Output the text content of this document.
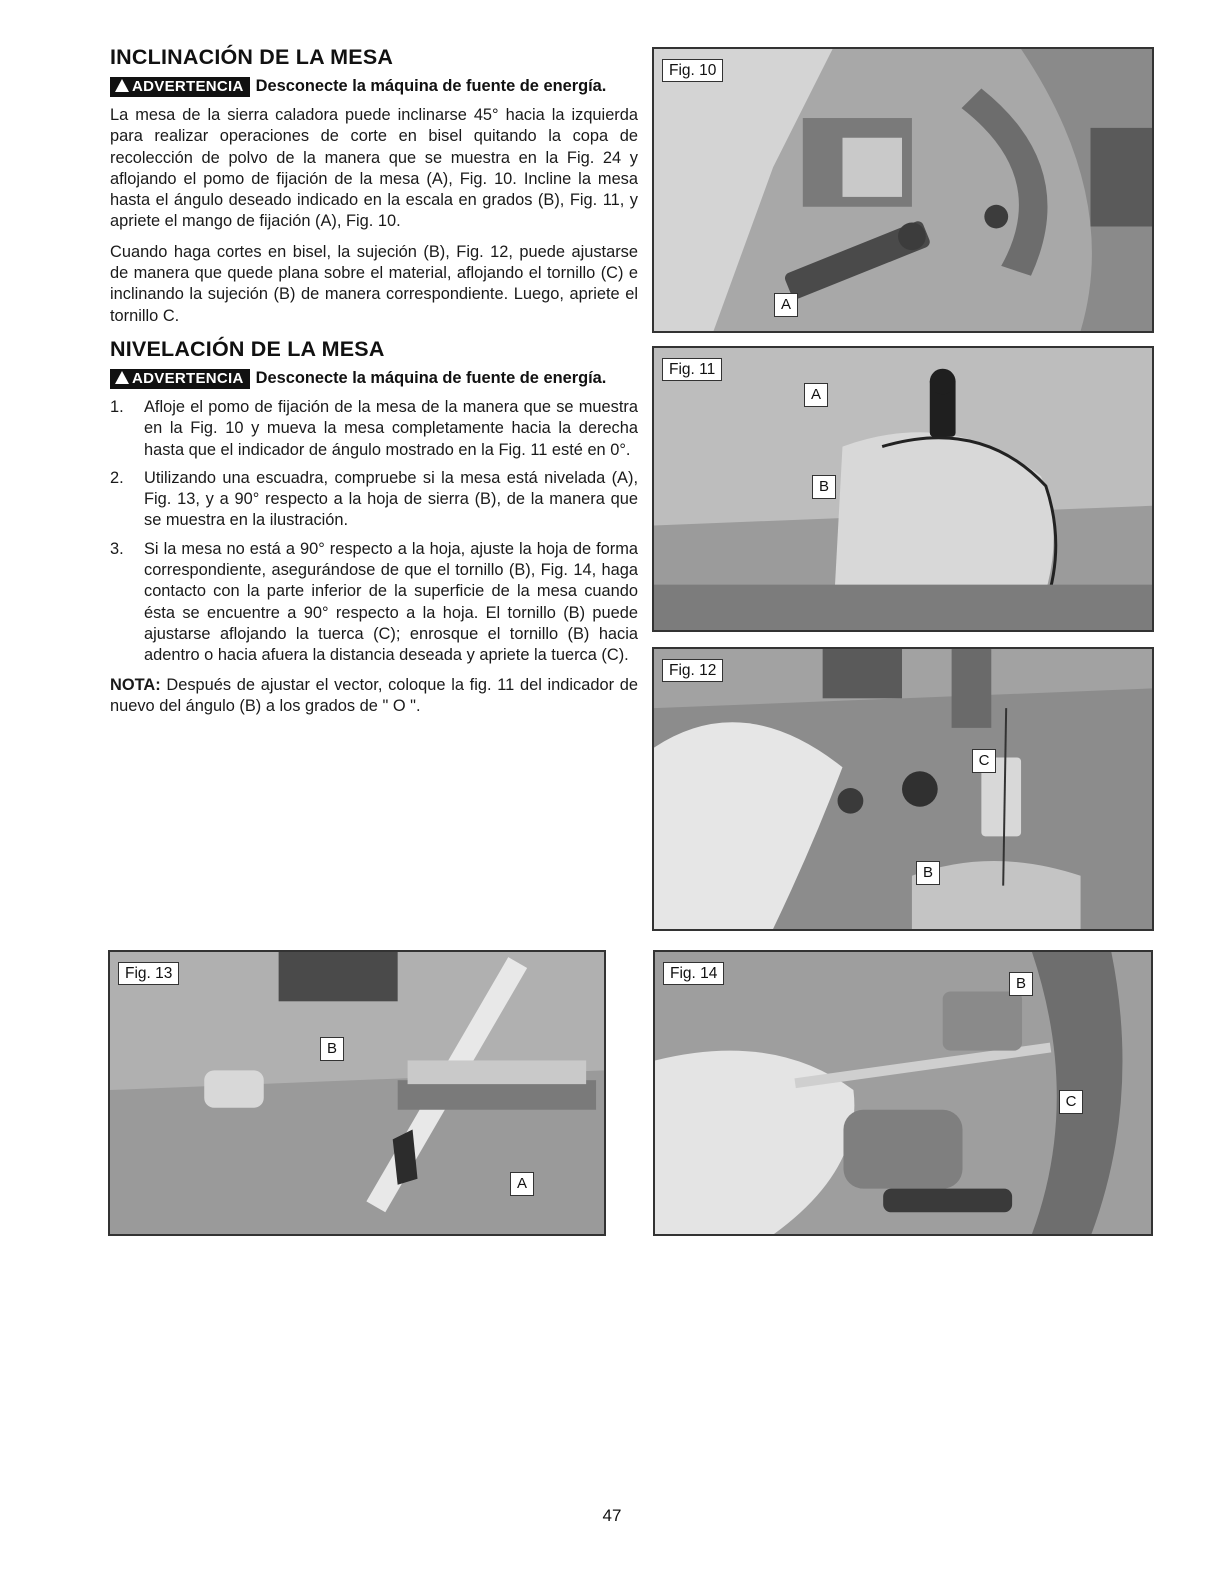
INCLINACIÓN DE LA MESA
ADVERTENCIA Desconecte la máquina de fuente de energía.

La mesa de la sierra caladora puede inclinarse 45° hacia la izquierda para realizar operaciones de corte en bisel quitando la copa de recolección de polvo de la manera que se muestra en la Fig. 24 y aflojando el pomo de fijación de la mesa (A), Fig. 10. Incline la mesa hasta el ángulo deseado indicado en la escala en grados (B), Fig. 11, y apriete el mango de fijación (A), Fig. 10.

Cuando haga cortes en bisel, la sujeción (B), Fig. 12, puede ajustarse de manera que quede plana sobre el material, aflojando el tornillo (C) e inclinando la sujeción (B) de manera correspondiente. Luego, apriete el tornillo C.

NIVELACIÓN DE LA MESA
ADVERTENCIA Desconecte la máquina de fuente de energía.
1. Afloje el pomo de fijación de la mesa de la manera que se muestra en la Fig. 10 y mueva la mesa completamente hacia la derecha hasta que el indicador de ángulo mostrado en la Fig. 11 esté en 0°.
2. Utilizando una escuadra, compruebe si la mesa está nivelada (A), Fig. 13, y a 90° respecto a la hoja de sierra (B), de la manera que se muestra en la ilustración.
3. Si la mesa no está a 90° respecto a la hoja, ajuste la hoja de forma correspondiente, asegurándose de que el tornillo (B), Fig. 14, haga contacto con la parte inferior de la superficie de la mesa cuando ésta se encuentre a 90° respecto a la hoja. El tornillo (B) puede ajustarse aflojando la tuerca (C); enrosque el tornillo (B) hacia adentro o hacia afuera la distancia deseada y apriete la tuerca (C).

NOTA: Después de ajustar el vector, coloque la fig. 11 del indicador de nuevo del ángulo (B) a los grados de " O ".

Fig. 10
A
Fig. 11
A
B
Fig. 12
C
B
Fig. 13
B
A
Fig. 14
B
C
47
